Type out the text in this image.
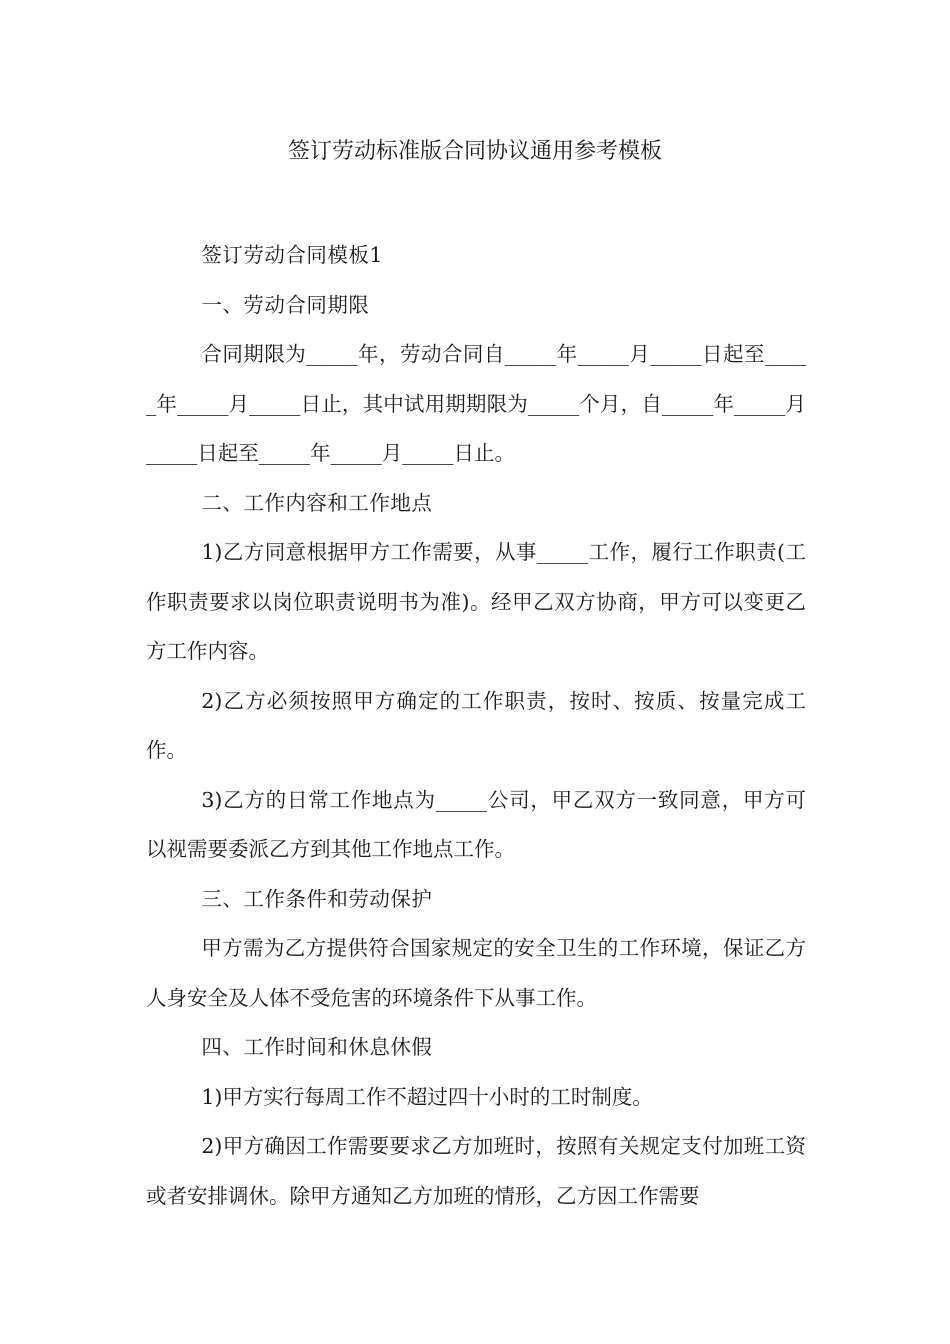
签订劳动标准版合同协议通用参考模板

签订劳动合同模板1

一、劳动合同期限

合同期限为_____年，劳动合同自_____年_____月_____日起至_____年_____月_____日止，其中试用期期限为_____个月，自_____年_____月_____日起至_____年_____月_____日止。

二、工作内容和工作地点

1)乙方同意根据甲方工作需要，从事_____工作，履行工作职责(工作职责要求以岗位职责说明书为准)。经甲乙双方协商，甲方可以变更乙方工作内容。

2)乙方必须按照甲方确定的工作职责，按时、按质、按量完成工作。

3)乙方的日常工作地点为_____公司，甲乙双方一致同意，甲方可以视需要委派乙方到其他工作地点工作。

三、工作条件和劳动保护

甲方需为乙方提供符合国家规定的安全卫生的工作环境，保证乙方人身安全及人体不受危害的环境条件下从事工作。

四、工作时间和休息休假

1)甲方实行每周工作不超过四十小时的工时制度。

2)甲方确因工作需要要求乙方加班时，按照有关规定支付加班工资或者安排调休。除甲方通知乙方加班的情形，乙方因工作需要
